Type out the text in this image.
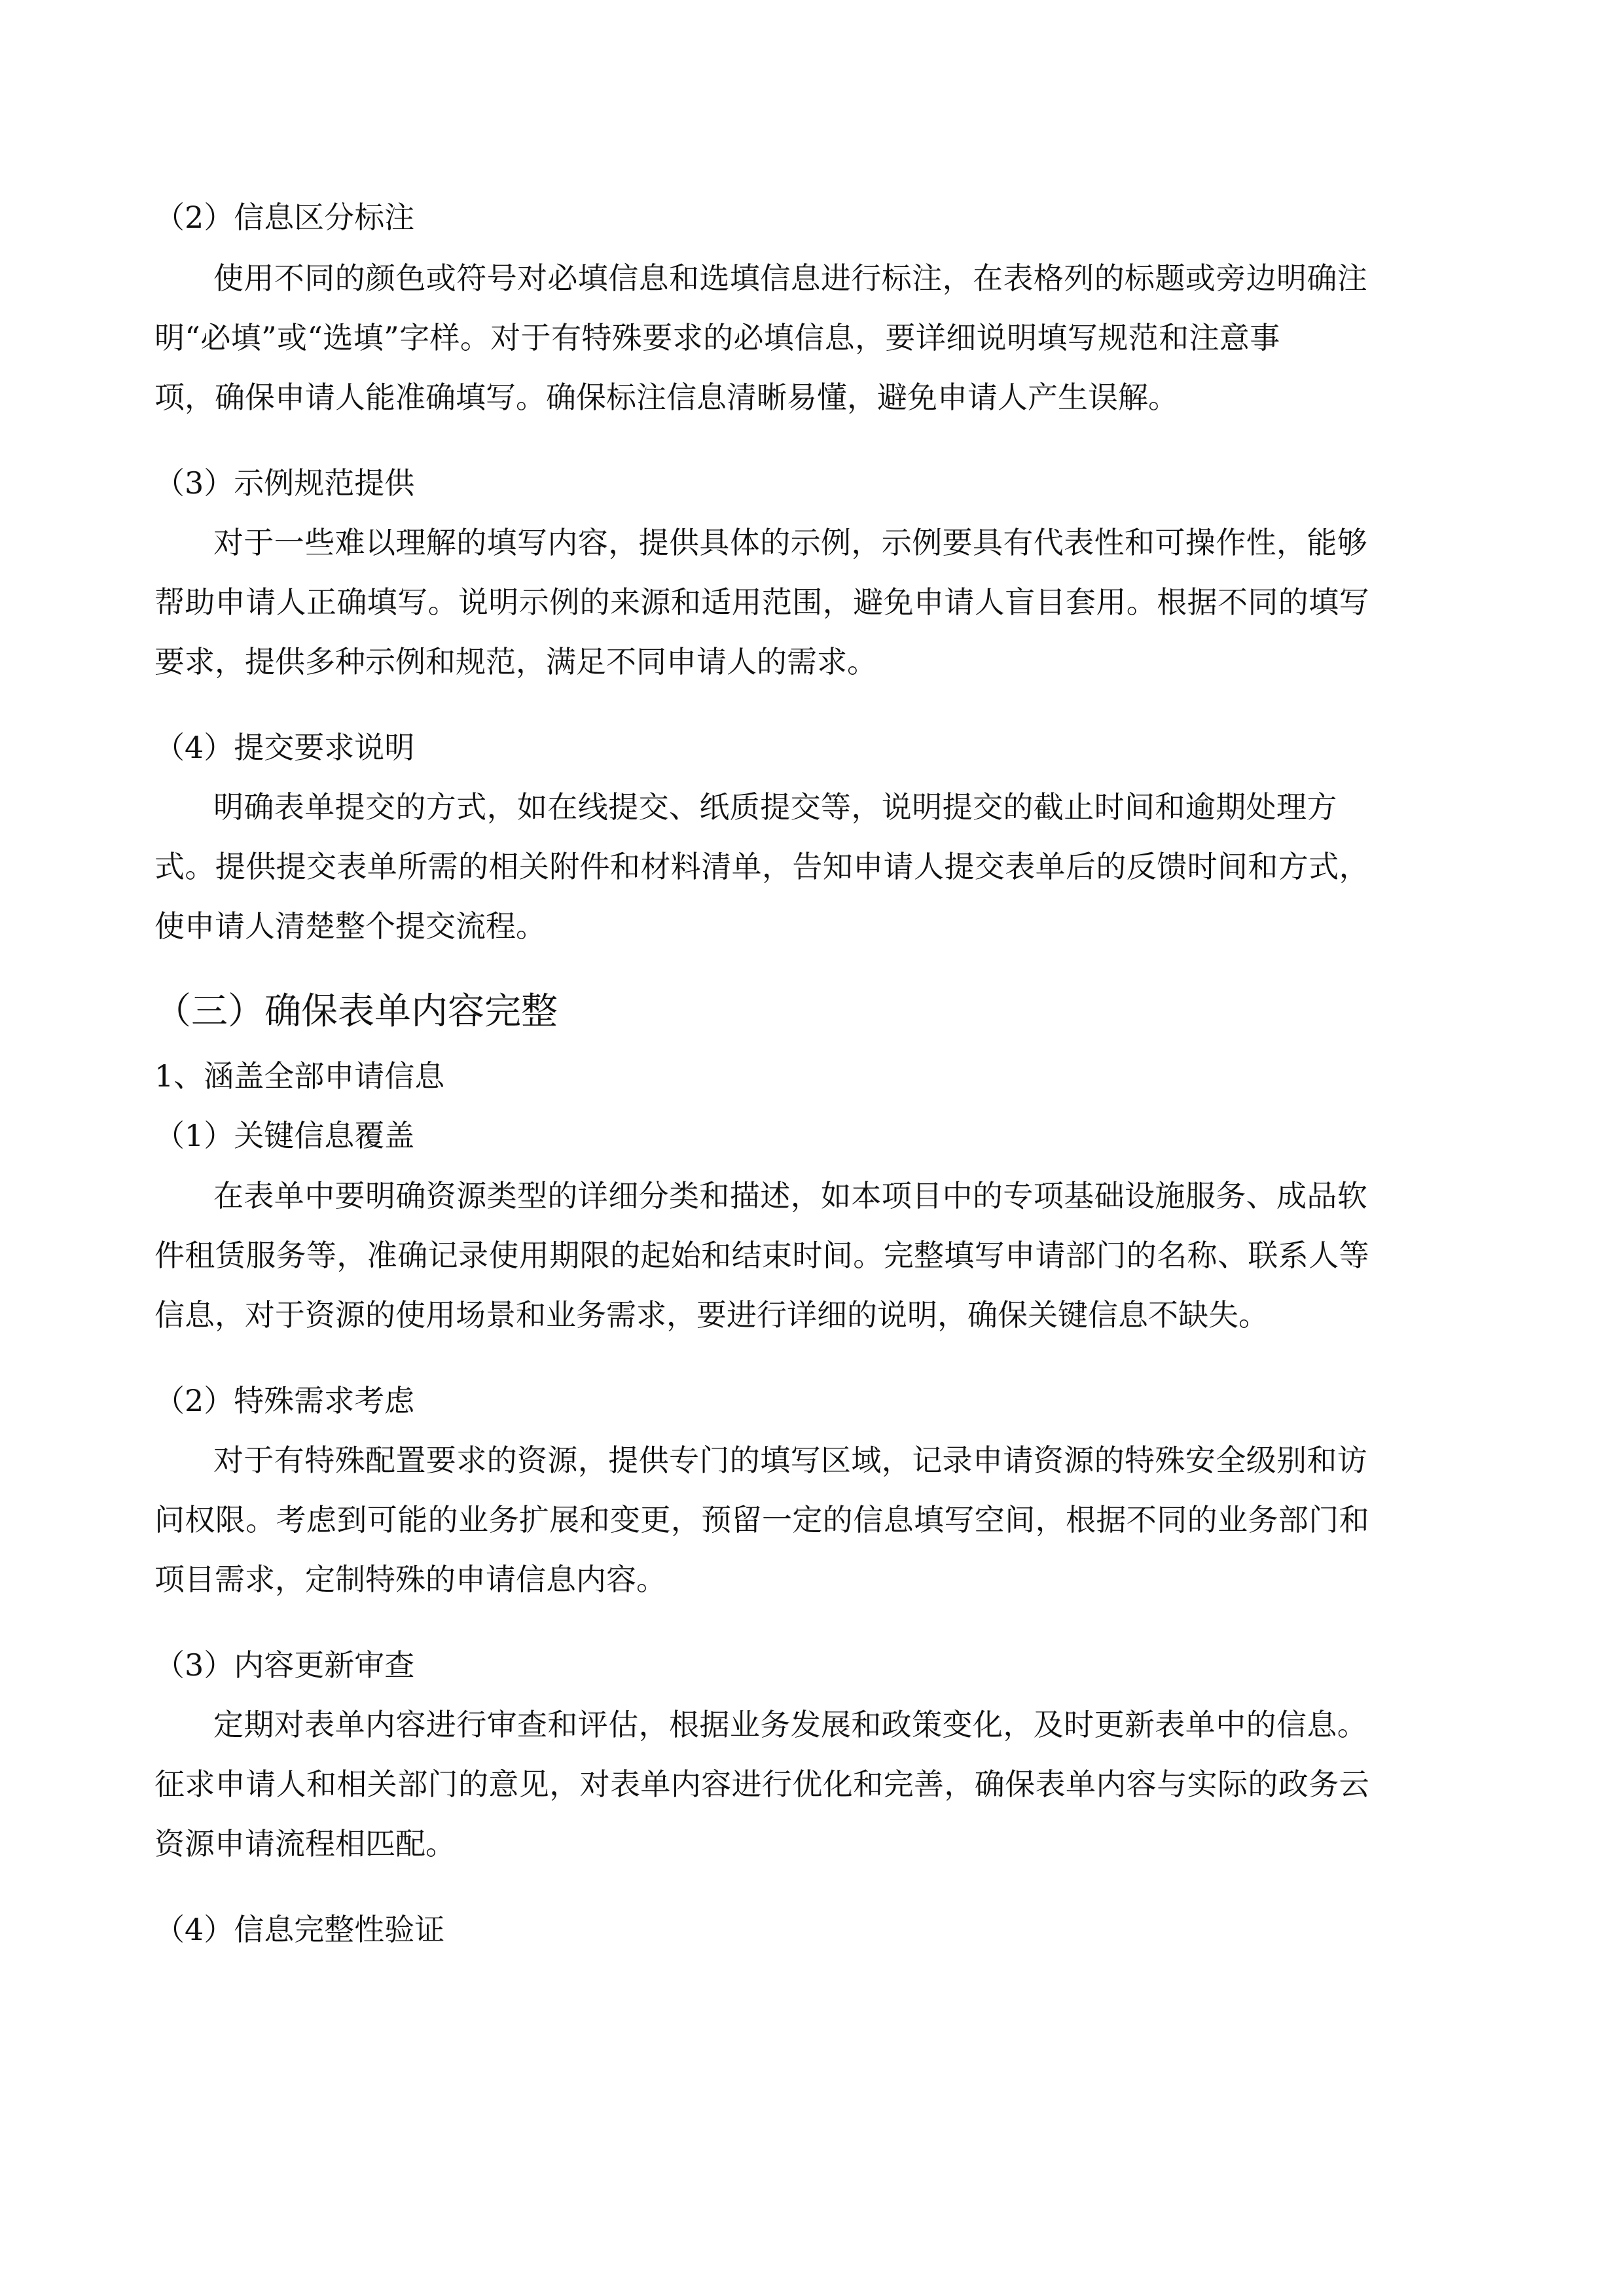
（2）信息区分标注
使用不同的颜色或符号对必填信息和选填信息进行标注，在表格列的标题或旁边明确注
明“必填”或“选填”字样。对于有特殊要求的必填信息，要详细说明填写规范和注意事
项，确保申请人能准确填写。确保标注信息清晰易懂，避免申请人产生误解。
（3）示例规范提供
对于一些难以理解的填写内容，提供具体的示例，示例要具有代表性和可操作性，能够
帮助申请人正确填写。说明示例的来源和适用范围，避免申请人盲目套用。根据不同的填写
要求，提供多种示例和规范，满足不同申请人的需求。
（4）提交要求说明
明确表单提交的方式，如在线提交、纸质提交等，说明提交的截止时间和逾期处理方
式。提供提交表单所需的相关附件和材料清单，告知申请人提交表单后的反馈时间和方式，
使申请人清楚整个提交流程。
（三）确保表单内容完整
1、涵盖全部申请信息
（1）关键信息覆盖
在表单中要明确资源类型的详细分类和描述，如本项目中的专项基础设施服务、成品软
件租赁服务等，准确记录使用期限的起始和结束时间。完整填写申请部门的名称、联系人等
信息，对于资源的使用场景和业务需求，要进行详细的说明，确保关键信息不缺失。
（2）特殊需求考虑
对于有特殊配置要求的资源，提供专门的填写区域，记录申请资源的特殊安全级别和访
问权限。考虑到可能的业务扩展和变更，预留一定的信息填写空间，根据不同的业务部门和
项目需求，定制特殊的申请信息内容。
（3）内容更新审查
定期对表单内容进行审查和评估，根据业务发展和政策变化，及时更新表单中的信息。
征求申请人和相关部门的意见，对表单内容进行优化和完善，确保表单内容与实际的政务云
资源申请流程相匹配。
（4）信息完整性验证
